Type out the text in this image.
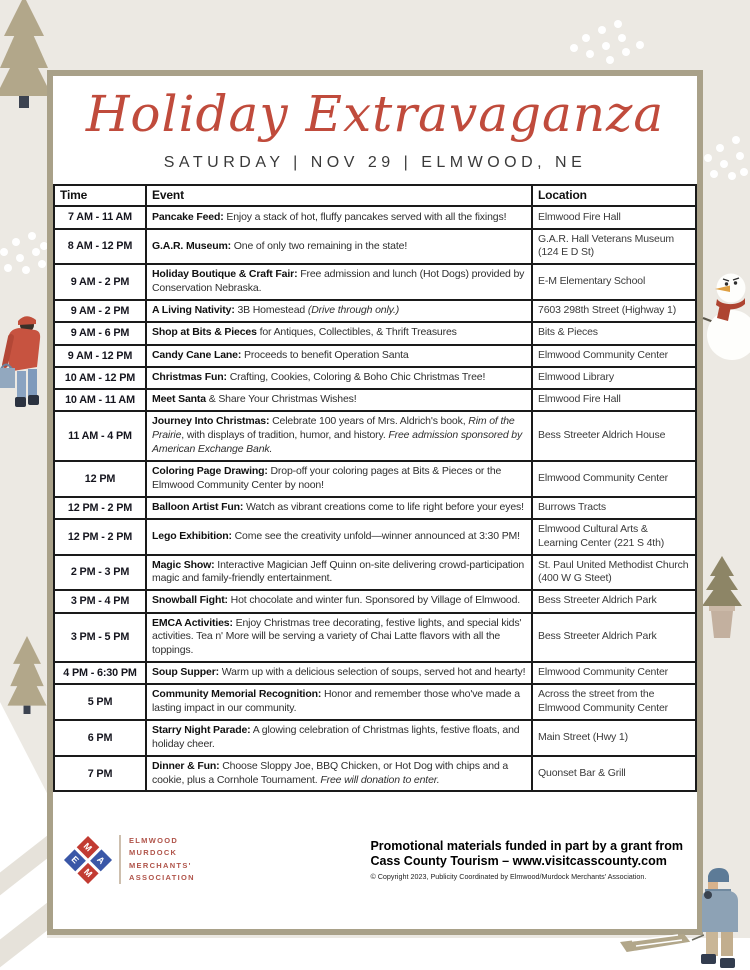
Holiday Extravaganza
SATURDAY | NOV 29 | ELMWOOD, NE
Time	Event	Location
7 AM - 11 AM	Pancake Feed: Enjoy a stack of hot, fluffy pancakes served with all the fixings!	Elmwood Fire Hall
8 AM - 12 PM	G.A.R. Museum: One of only two remaining in the state!	G.A.R. Hall Veterans Museum (124 E D St)
9 AM - 2 PM	Holiday Boutique & Craft Fair: Free admission and lunch (Hot Dogs) provided by Conservation Nebraska.	E-M Elementary School
9 AM - 2 PM	A Living Nativity: 3B Homestead (Drive through only.)	7603 298th Street (Highway 1)
9 AM - 6 PM	Shop at Bits & Pieces for Antiques, Collectibles, & Thrift Treasures	Bits & Pieces
9 AM - 12 PM	Candy Cane Lane: Proceeds to benefit Operation Santa	Elmwood Community Center
10 AM - 12 PM	Christmas Fun: Crafting, Cookies, Coloring & Boho Chic Christmas Tree!	Elmwood Library
10 AM - 11 AM	Meet Santa & Share Your Christmas Wishes!	Elmwood Fire Hall
11 AM - 4 PM	Journey Into Christmas: Celebrate 100 years of Mrs. Aldrich's book, Rim of the Prairie, with displays of tradition, humor, and history. Free admission sponsored by American Exchange Bank.	Bess Streeter Aldrich House
12 PM	Coloring Page Drawing: Drop-off your coloring pages at Bits & Pieces or the Elmwood Community Center by noon!	Elmwood Community Center
12 PM - 2 PM	Balloon Artist Fun: Watch as vibrant creations come to life right before your eyes!	Burrows Tracts
12 PM - 2 PM	Lego Exhibition: Come see the creativity unfold—winner announced at 3:30 PM!	Elmwood Cultural Arts & Learning Center (221 S 4th)
2 PM - 3 PM	Magic Show: Interactive Magician Jeff Quinn on-site delivering crowd-participation magic and family-friendly entertainment.	St. Paul United Methodist Church (400 W G Steet)
3 PM - 4 PM	Snowball Fight: Hot chocolate and winter fun. Sponsored by Village of Elmwood.	Bess Streeter Aldrich Park
3 PM - 5 PM	EMCA Activities: Enjoy Christmas tree decorating, festive lights, and special kids' activities. Tea n' More will be serving a variety of Chai Latte flavors with all the toppings.	Bess Streeter Aldrich Park
4 PM - 6:30 PM	Soup Supper: Warm up with a delicious selection of soups, served hot and hearty!	Elmwood Community Center
5 PM	Community Memorial Recognition: Honor and remember those who've made a lasting impact in our community.	Across the street from the Elmwood Community Center
6 PM	Starry Night Parade: A glowing celebration of Christmas lights, festive floats, and holiday cheer.	Main Street (Hwy 1)
7 PM	Dinner & Fun: Choose Sloppy Joe, BBQ Chicken, or Hot Dog with chips and a cookie, plus a Cornhole Tournament. Free will donation to enter.	Quonset Bar & Grill
M
A
E
M
ELMWOOD
MURDOCK
MERCHANTS'
ASSOCIATION
Promotional materials funded in part by a grant from
Cass County Tourism – www.visitcasscounty.com
© Copyright 2023, Publicity Coordinated by Elmwood/Murdock Merchants' Association.
